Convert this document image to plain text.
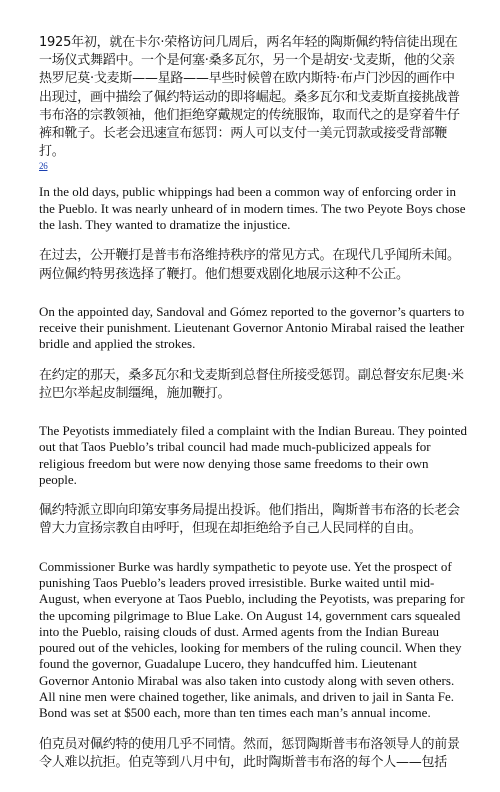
1925年初，就在卡尔·荣格访问几周后，两名年轻的陶斯佩约特信徒出现在一场仪式舞蹈中。一个是何塞·桑多瓦尔，另一个是胡安·戈麦斯，他的父亲热罗尼莫·戈麦斯——星路——早些时候曾在欧内斯特·布卢门沙因的画作中出现过，画中描绘了佩约特运动的即将崛起。桑多瓦尔和戈麦斯直接挑战普韦布洛的宗教领袖，他们拒绝穿戴规定的传统服饰，取而代之的是穿着牛仔裤和靴子。长老会迅速宣布惩罚：两人可以支付一美元罚款或接受背部鞭打。
26

In the old days, public whippings had been a common way of enforcing order in the Pueblo. It was nearly unheard of in modern times. The two Peyote Boys chose the lash. They wanted to dramatize the injustice.

在过去，公开鞭打是普韦布洛维持秩序的常见方式。在现代几乎闻所未闻。两位佩约特男孩选择了鞭打。他们想要戏剧化地展示这种不公正。

On the appointed day, Sandoval and Gómez reported to the governor’s quarters to receive their punishment. Lieutenant Governor Antonio Mirabal raised the leather bridle and applied the strokes.

在约定的那天，桑多瓦尔和戈麦斯到总督住所接受惩罚。副总督安东尼奥·米拉巴尔举起皮制缰绳，施加鞭打。

The Peyotists immediately filed a complaint with the Indian Bureau. They pointed out that Taos Pueblo’s tribal council had made much-publicized appeals for religious freedom but were now denying those same freedoms to their own people.

佩约特派立即向印第安事务局提出投诉。他们指出，陶斯普韦布洛的长老会曾大力宣扬宗教自由呼吁，但现在却拒绝给予自己人民同样的自由。

Commissioner Burke was hardly sympathetic to peyote use. Yet the prospect of punishing Taos Pueblo’s leaders proved irresistible. Burke waited until mid-August, when everyone at Taos Pueblo, including the Peyotists, was preparing for the upcoming pilgrimage to Blue Lake. On August 14, government cars squealed into the Pueblo, raising clouds of dust. Armed agents from the Indian Bureau poured out of the vehicles, looking for members of the ruling council. When they found the governor, Guadalupe Lucero, they handcuffed him. Lieutenant Governor Antonio Mirabal was also taken into custody along with seven others. All nine men were chained together, like animals, and driven to jail in Santa Fe. Bond was set at $500 each, more than ten times each man’s annual income.

伯克员对佩约特的使用几乎不同情。然而，惩罚陶斯普韦布洛领导人的前景令人难以抗拒。伯克等到八月中旬，此时陶斯普韦布洛的每个人——包括
